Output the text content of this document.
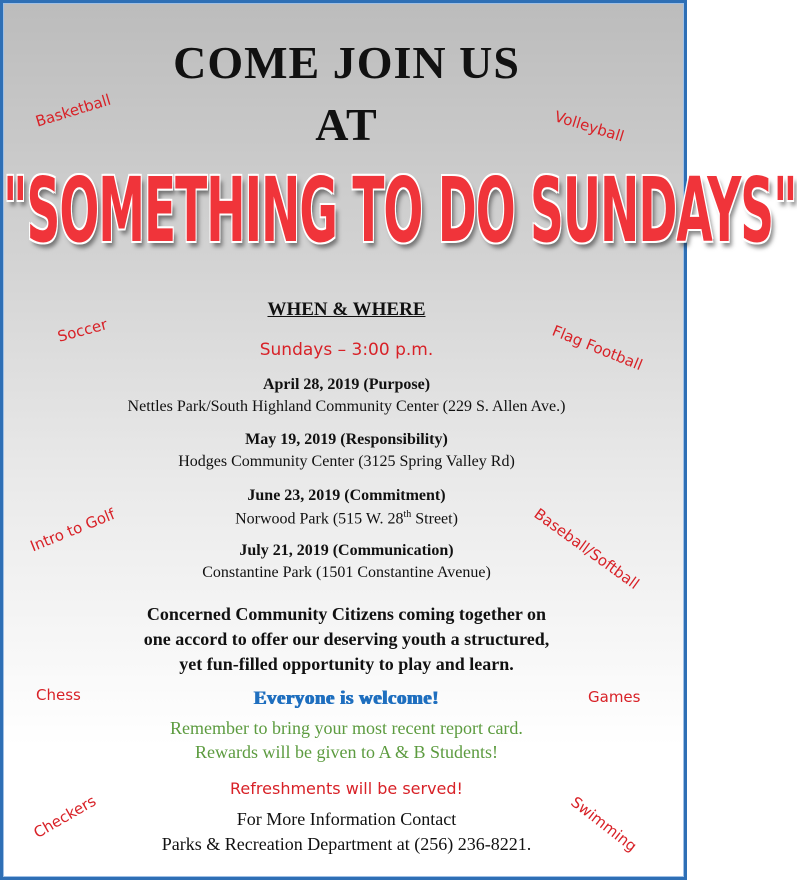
COME JOIN US
AT
"SOMETHING TO DO SUNDAYS"
Basketball	Volleyball
Soccer	Flag Football
Intro to Golf	Baseball/Softball
Chess	Games
Checkers	Swimming
WHEN & WHERE
Sundays – 3:00 p.m.
April 28, 2019 (Purpose)
Nettles Park/South Highland Community Center (229 S. Allen Ave.)
May 19, 2019 (Responsibility)
Hodges Community Center (3125 Spring Valley Rd)
June 23, 2019 (Commitment)
Norwood Park (515 W. 28th Street)
July 21, 2019 (Communication)
Constantine Park (1501 Constantine Avenue)
Concerned Community Citizens coming together on
one accord to offer our deserving youth a structured,
yet fun-filled opportunity to play and learn.
Everyone is welcome!
Remember to bring your most recent report card.
Rewards will be given to A & B Students!
Refreshments will be served!
For More Information Contact
Parks & Recreation Department at (256) 236-8221.
